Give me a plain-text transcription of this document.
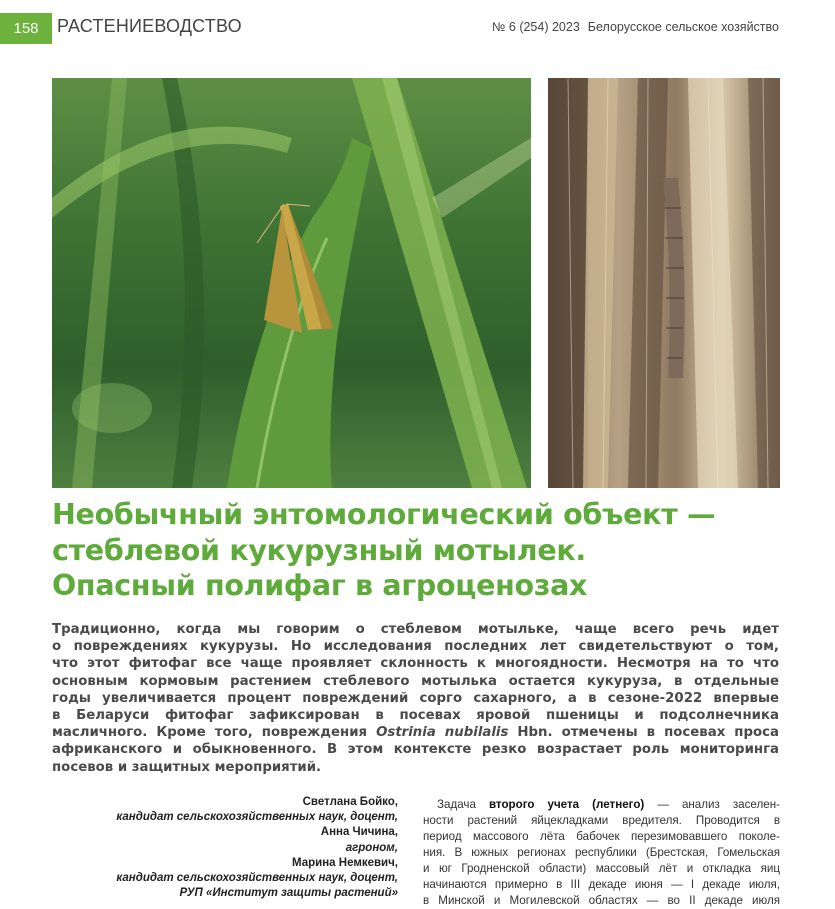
158	РАСТЕНИЕВОДСТВО	№ 6 (254) 2023 Белорусское сельское хозяйство
Необычный энтомологический объект —
стеблевой кукурузный мотылек.
Опасный полифаг в агроценозах
Традиционно, когда мы говорим о стеблевом мотыльке, чаще всего речь идет
о повреждениях кукурузы. Но исследования последних лет свидетельствуют о том,
что этот фитофаг все чаще проявляет склонность к многоядности. Несмотря на то что
основным кормовым растением стеблевого мотылька остается кукуруза, в отдельные
годы увеличивается процент повреждений сорго сахарного, а в сезоне-2022 впервые
в Беларуси фитофаг зафиксирован в посевах яровой пшеницы и подсолнечника
масличного. Кроме того, повреждения Ostrinia nubilalis Hbn. отмечены в посевах проса
африканского и обыкновенного. В этом контексте резко возрастает роль мониторинга
посевов и защитных мероприятий.
Светлана Бойко,
кандидат сельскохозяйственных наук, доцент,
Анна Чичина,
агроном,
Марина Немкевич,
кандидат сельскохозяйственных наук, доцент,
РУП «Институт защиты растений»
Задача второго учета (летнего) — анализ заселен-
ности растений яйцекладками вредителя. Проводится в
период массового лёта бабочек перезимовавшего поколе-
ния. В южных регионах республики (Брестская, Гомельская
и юг Гродненской области) массовый лёт и откладка яиц
начинаются примерно в III декаде июня — I декаде июля,
в Минской и Могилевской областях — во II декаде июля
